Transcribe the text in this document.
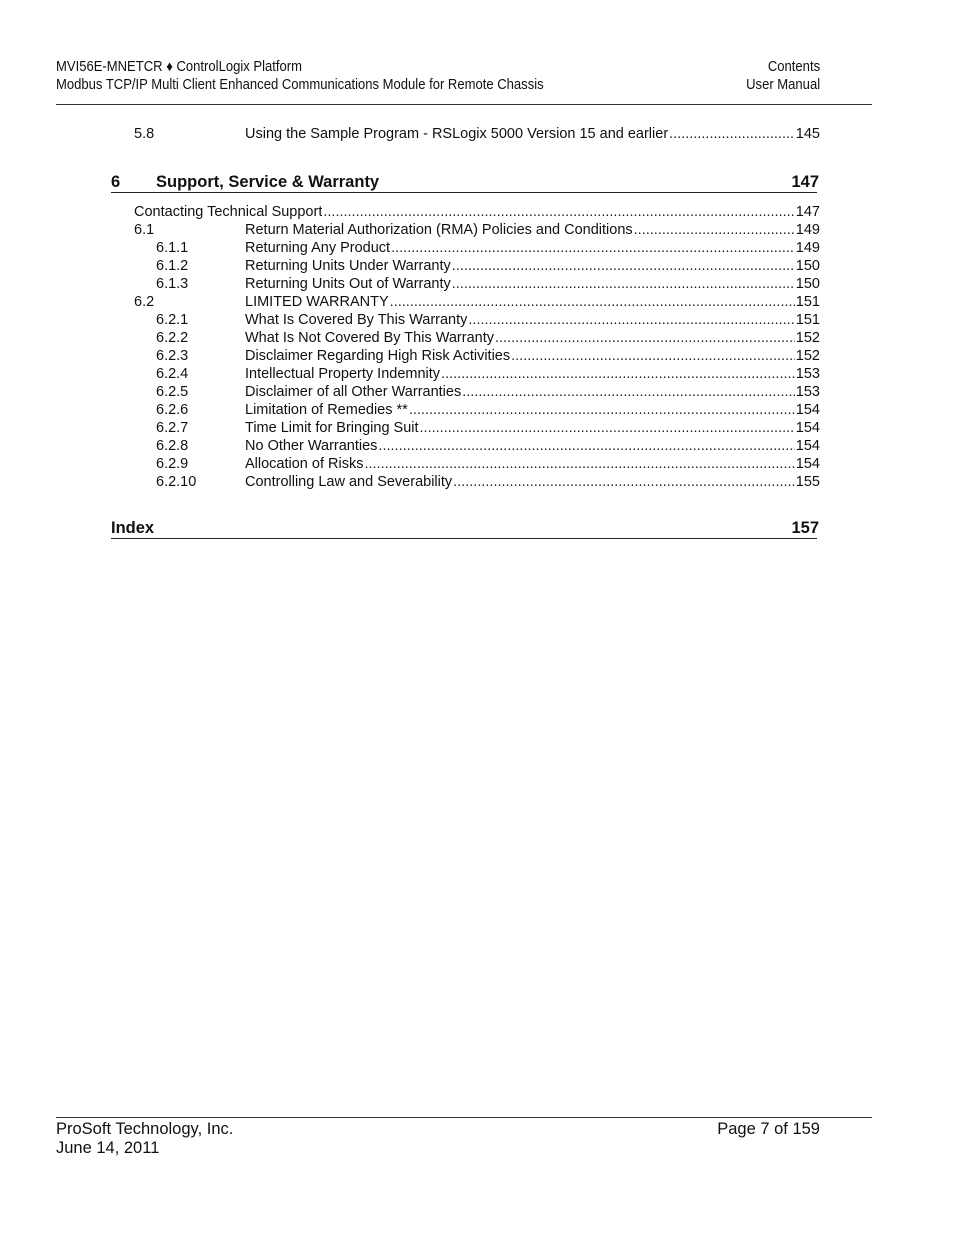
MVI56E-MNETCR ♦ ControlLogix Platform	Contents
Modbus TCP/IP Multi Client Enhanced Communications Module for Remote Chassis	User Manual
5.8	Using the Sample Program - RSLogix 5000 Version 15 and earlier .....	145
6 Support, Service & Warranty	147
Contacting Technical Support .....	147
6.1	Return Material Authorization (RMA) Policies and Conditions .....	149
6.1.1	Returning Any Product .....	149
6.1.2	Returning Units Under Warranty .....	150
6.1.3	Returning Units Out of Warranty .....	150
6.2	LIMITED WARRANTY .....	151
6.2.1	What Is Covered By This Warranty .....	151
6.2.2	What Is Not Covered By This Warranty .....	152
6.2.3	Disclaimer Regarding High Risk Activities .....	152
6.2.4	Intellectual Property Indemnity .....	153
6.2.5	Disclaimer of all Other Warranties .....	153
6.2.6	Limitation of Remedies ** .....	154
6.2.7	Time Limit for Bringing Suit .....	154
6.2.8	No Other Warranties .....	154
6.2.9	Allocation of Risks .....	154
6.2.10	Controlling Law and Severability .....	155
Index	157
ProSoft Technology, Inc.	Page 7 of 159
June 14, 2011
